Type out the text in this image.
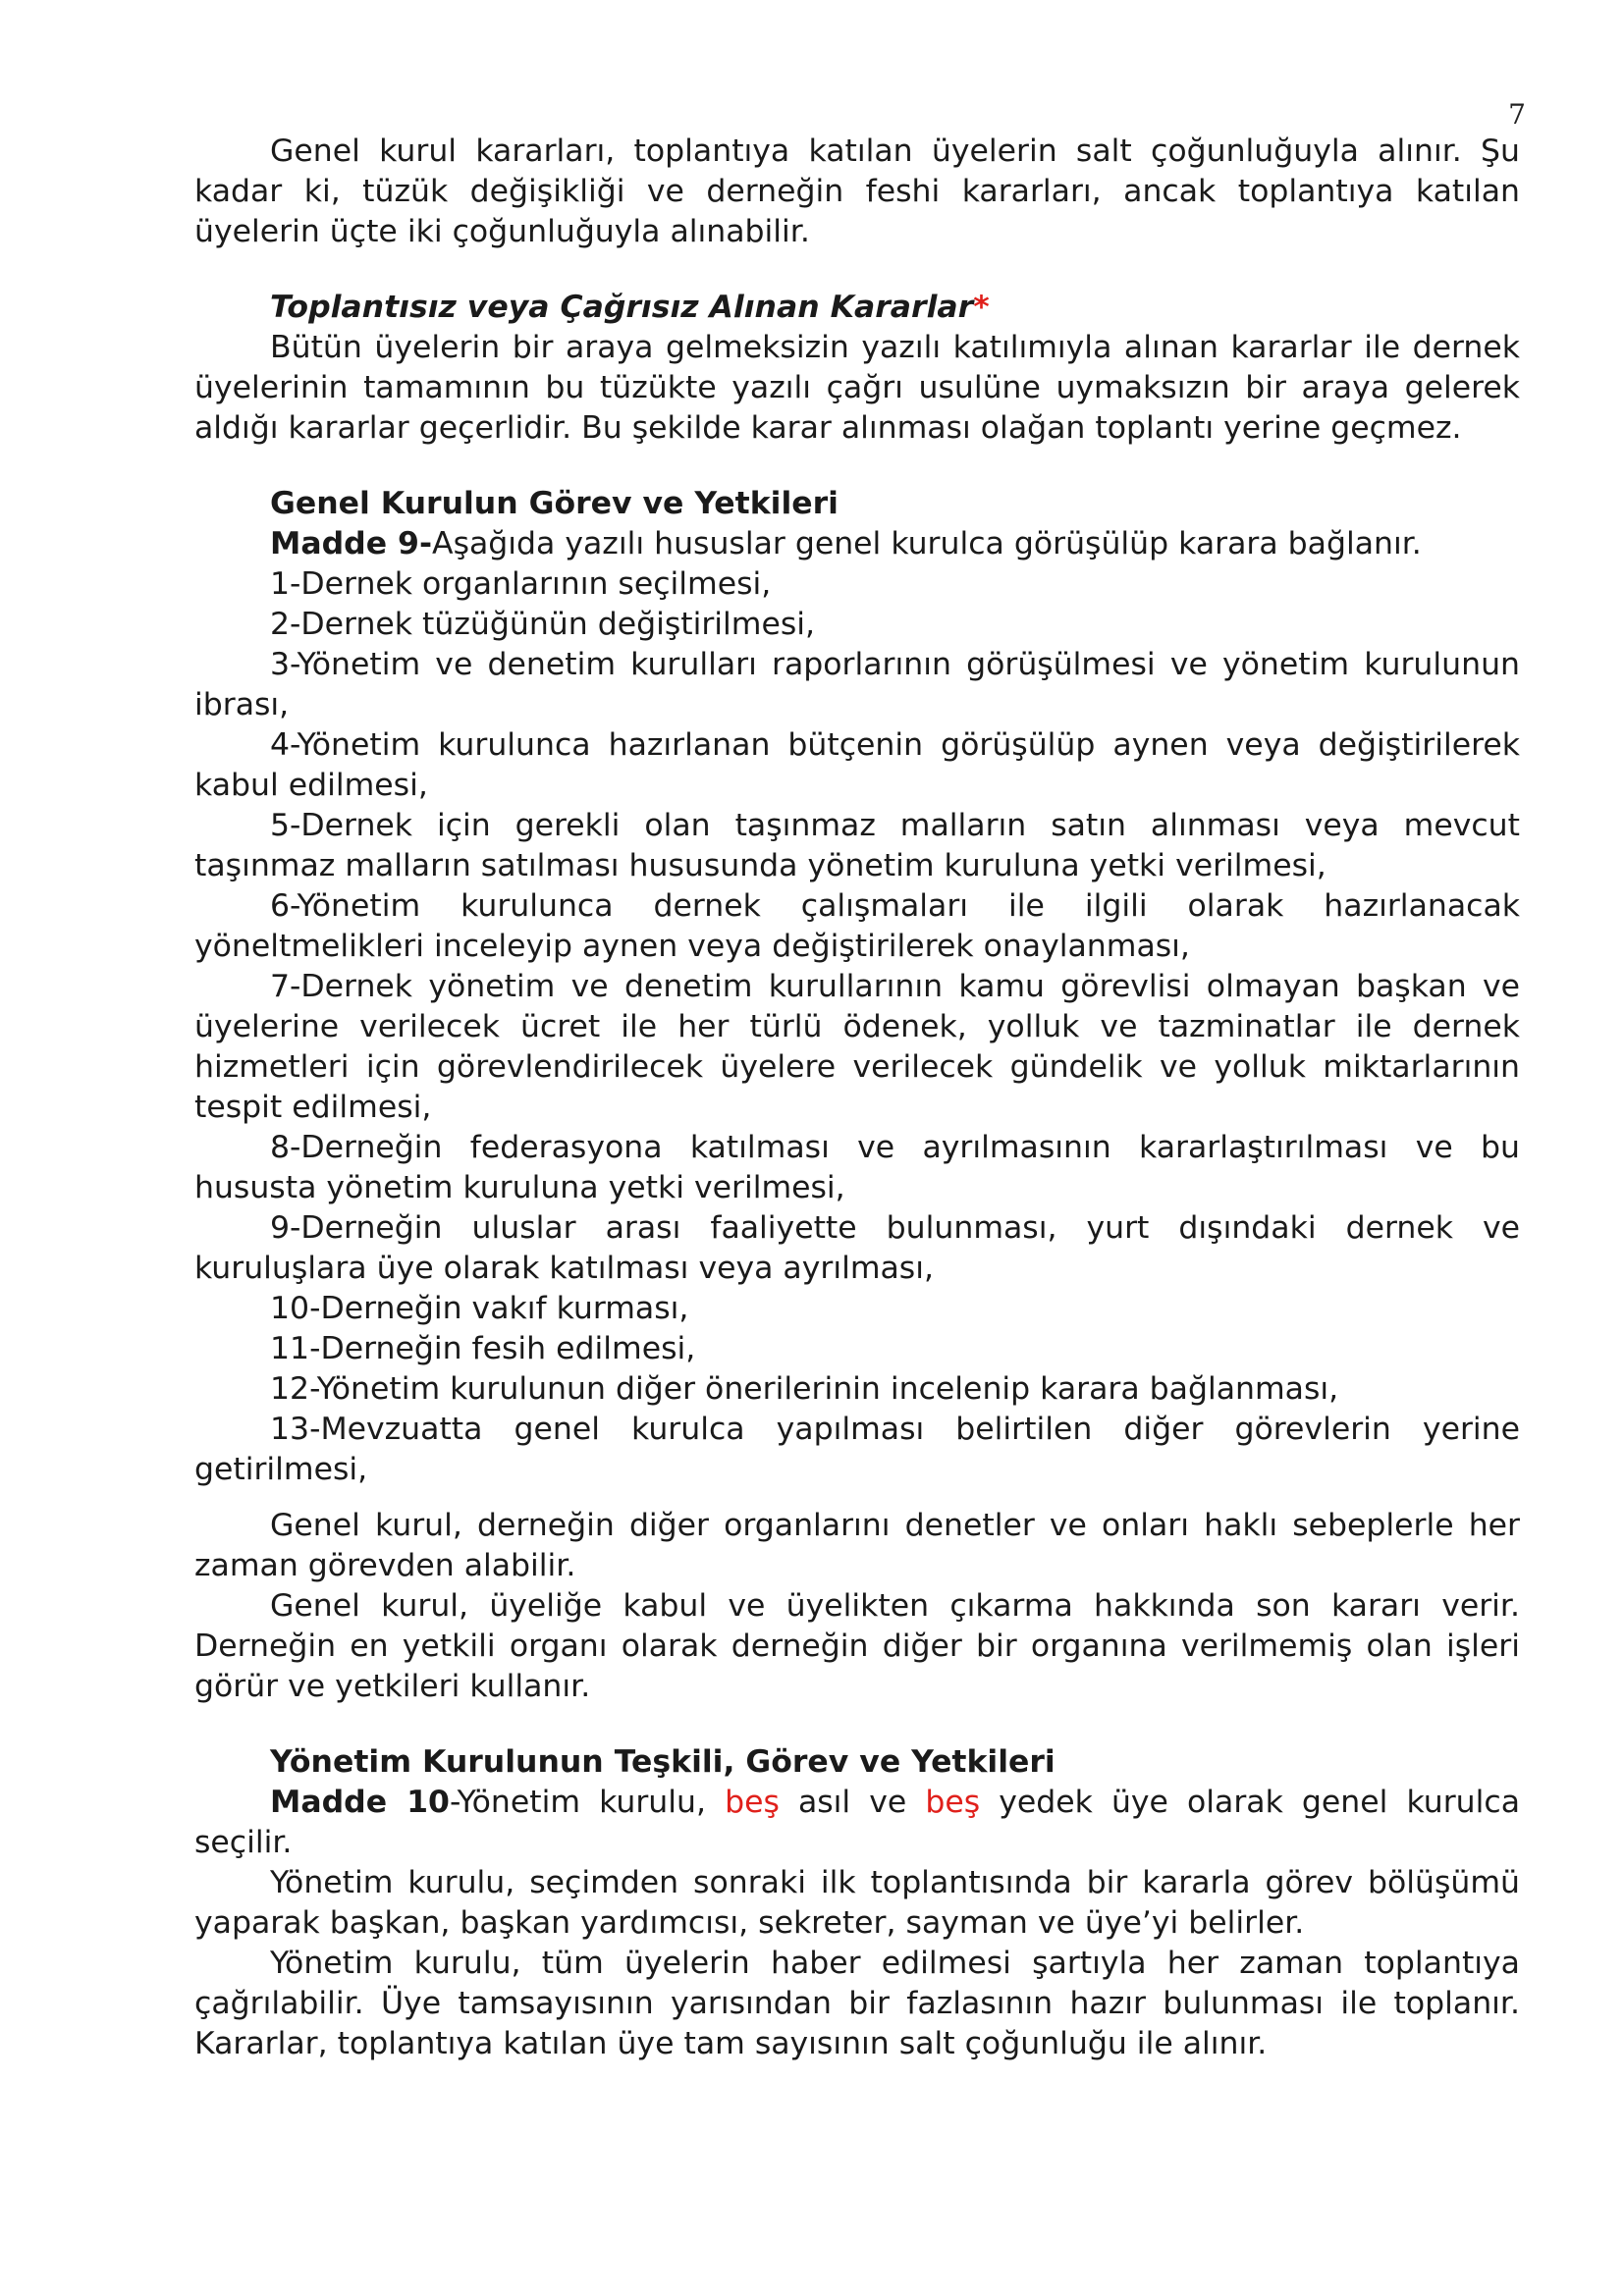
7

Genel kurul kararları, toplantıya katılan üyelerin salt çoğunluğuyla alınır. Şu kadar ki, tüzük değişikliği ve derneğin feshi kararları, ancak toplantıya katılan üyelerin üçte iki çoğunluğuyla alınabilir.

Toplantısız veya Çağrısız Alınan Kararlar*

Bütün üyelerin bir araya gelmeksizin yazılı katılımıyla alınan kararlar ile dernek üyelerinin tamamının bu tüzükte yazılı çağrı usulüne uymaksızın bir araya gelerek aldığı kararlar geçerlidir. Bu şekilde karar alınması olağan toplantı yerine geçmez.

Genel Kurulun Görev ve Yetkileri

Madde 9-Aşağıda yazılı hususlar genel kurulca görüşülüp karara bağlanır.

1-Dernek organlarının seçilmesi,

2-Dernek tüzüğünün değiştirilmesi,

3-Yönetim ve denetim kurulları raporlarının görüşülmesi ve yönetim kurulunun ibrası,

4-Yönetim kurulunca hazırlanan bütçenin görüşülüp aynen veya değiştirilerek kabul edilmesi,

5-Dernek için gerekli olan taşınmaz malların satın alınması veya mevcut taşınmaz malların satılması hususunda yönetim kuruluna yetki verilmesi,

6-Yönetim kurulunca dernek çalışmaları ile ilgili olarak hazırlanacak yöneltmelikleri inceleyip aynen veya değiştirilerek onaylanması,

7-Dernek yönetim ve denetim kurullarının kamu görevlisi olmayan başkan ve üyelerine verilecek ücret ile her türlü ödenek, yolluk ve tazminatlar ile dernek hizmetleri için görevlendirilecek üyelere verilecek gündelik ve yolluk miktarlarının tespit edilmesi,

8-Derneğin federasyona katılması ve ayrılmasının kararlaştırılması ve bu hususta yönetim kuruluna yetki verilmesi,

9-Derneğin uluslar arası faaliyette bulunması, yurt dışındaki dernek ve kuruluşlara üye olarak katılması veya ayrılması,

10-Derneğin vakıf kurması,

11-Derneğin fesih edilmesi,

12-Yönetim kurulunun diğer önerilerinin incelenip karara bağlanması,

13-Mevzuatta genel kurulca yapılması belirtilen diğer görevlerin yerine getirilmesi,

Genel kurul, derneğin diğer organlarını denetler ve onları haklı sebeplerle her zaman görevden alabilir.

Genel kurul, üyeliğe kabul ve üyelikten çıkarma hakkında son kararı verir. Derneğin en yetkili organı olarak derneğin diğer bir organına verilmemiş olan işleri görür ve yetkileri kullanır.

Yönetim Kurulunun Teşkili, Görev ve Yetkileri

Madde 10-Yönetim kurulu, beş asıl ve beş yedek üye olarak genel kurulca seçilir.

Yönetim kurulu, seçimden sonraki ilk toplantısında bir kararla görev bölüşümü yaparak başkan, başkan yardımcısı, sekreter, sayman ve üye’yi belirler.

Yönetim kurulu, tüm üyelerin haber edilmesi şartıyla her zaman toplantıya çağrılabilir. Üye tamsayısının yarısından bir fazlasının hazır bulunması ile toplanır. Kararlar, toplantıya katılan üye tam sayısının salt çoğunluğu ile alınır.
